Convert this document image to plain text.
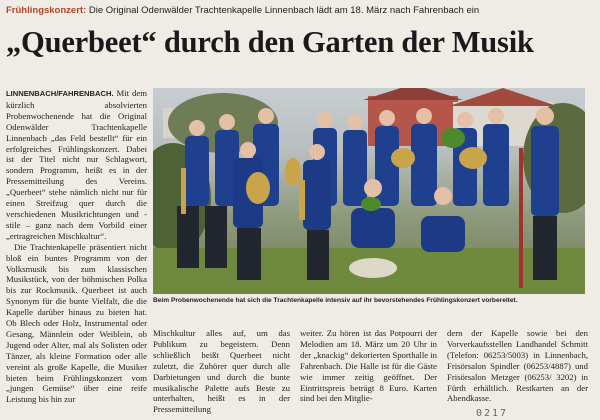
Frühlingskonzert: Die Original Odenwälder Trachtenkapelle Linnenbach lädt am 18. März nach Fahrenbach ein
„Querbeet“ durch den Garten der Musik

LINNENBACH/FAHRENBACH. Mit dem kürzlich absolvierten Probenwochenende hat die Original Odenwälder Trachtenkapelle Linnenbach „das Feld bestellt“ für ein erfolgreiches Frühlingskonzert. Dabei ist der Titel nicht nur Schlagwort, sondern Programm, heißt es in der Pressemitteilung des Vereins. „Querbeet“ stehe nämlich nicht nur für einen Streifzug quer durch die verschiedenen Musikrichtungen und -stile – ganz nach dem Vorbild einer „ertragreichen Mischkultur“.

Die Trachtenkapelle präsentiert nicht bloß ein buntes Programm von der Volksmusik bis zum klassischen Musikstück, von der böhmischen Polka bis zur Rockmusik. Querbeet ist auch Synonym für die bunte Vielfalt, die die Kapelle darüber hinaus zu bieten hat. Ob Blech oder Holz, Instrumental oder Gesang, Männlein oder Weiblein, ob Jugend oder Alter, mal als Solisten oder Tänzer, als kleine Formation oder alle vereint als große Kapelle, die Musiker bieten beim Frühlingskonzert vom „jungen Gemüse“ über eine reife Leistung bis hin zur

Beim Probenwochenende hat sich die Trachtenkapelle intensiv auf ihr bevorstehendes Frühlingskonzert vorbereitet.

Mischkultur alles auf, um das Publikum zu begeistern. Denn schließlich heißt Querbeet nicht zuletzt, die Zuhörer quer durch alle Darbietungen und durch die bunte musikalische Palette aufs Beste zu unterhalten, heißt es in der Pressemitteilung

weiter. Zu hören ist das Potpourri der Melodien am 18. März um 20 Uhr in der „knackig“ dekorierten Sporthalle in Fahrenbach. Die Halle ist für die Gäste wie immer zeitig geöffnet. Der Eintrittspreis beträgt 8 Euro. Karten sind bei den Mitglie-

dern der Kapelle sowie bei den Vorverkaufsstellen Landhandel Schmitt (Telefon: 06253/5003) in Linnenbach, Frisörsalon Spindler (06253/4887) und Frisörsalon Metzger (06253/ 3202) in Fürth erhältlich. Restkarten an der Abendkasse.

0217
